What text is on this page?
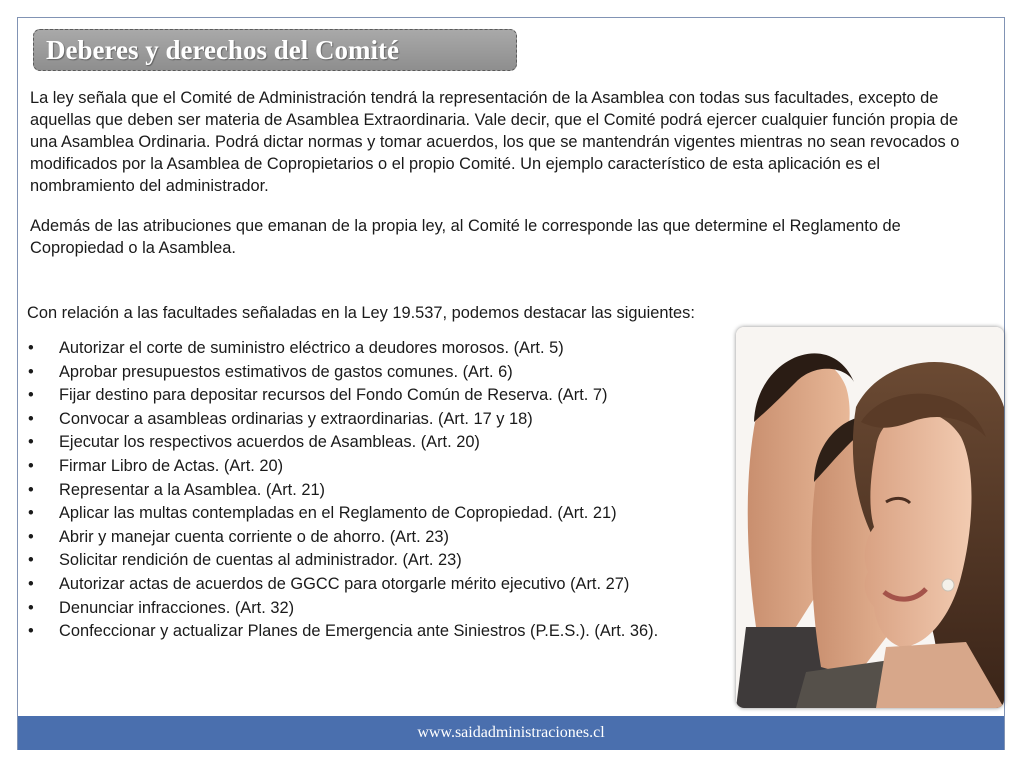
Deberes y derechos del Comité

La ley señala que el Comité de Administración tendrá la representación de la Asamblea con todas sus facultades, excepto de aquellas que deben ser materia de Asamblea Extraordinaria. Vale decir, que el Comité podrá ejercer cualquier función propia de una Asamblea Ordinaria. Podrá dictar normas y tomar acuerdos, los que se mantendrán vigentes mientras no sean revocados o modificados por la Asamblea de Copropietarios o el propio Comité. Un ejemplo característico de esta aplicación es el nombramiento del administrador.

Además de las atribuciones que emanan de la propia ley, al Comité le corresponde las que determine el Reglamento de Copropiedad o la Asamblea.

Con relación a las facultades señaladas en la Ley 19.537, podemos destacar las siguientes:

• Autorizar el corte de suministro eléctrico a deudores morosos. (Art. 5)
• Aprobar presupuestos estimativos de gastos comunes. (Art. 6)
• Fijar destino para depositar recursos del Fondo Común de Reserva. (Art. 7)
• Convocar a asambleas ordinarias y extraordinarias. (Art. 17 y 18)
• Ejecutar los respectivos acuerdos de Asambleas. (Art. 20)
• Firmar Libro de Actas. (Art. 20)
• Representar a la Asamblea. (Art. 21)
• Aplicar las multas contempladas en el Reglamento de Copropiedad. (Art. 21)
• Abrir y manejar cuenta corriente o de ahorro. (Art. 23)
• Solicitar rendición de cuentas al administrador. (Art. 23)
• Autorizar actas de acuerdos de GGCC para otorgarle mérito ejecutivo (Art. 27)
• Denunciar infracciones. (Art. 32)
• Confeccionar y actualizar Planes de Emergencia ante Siniestros (P.E.S.). (Art. 36).
www.saidadministraciones.cl
